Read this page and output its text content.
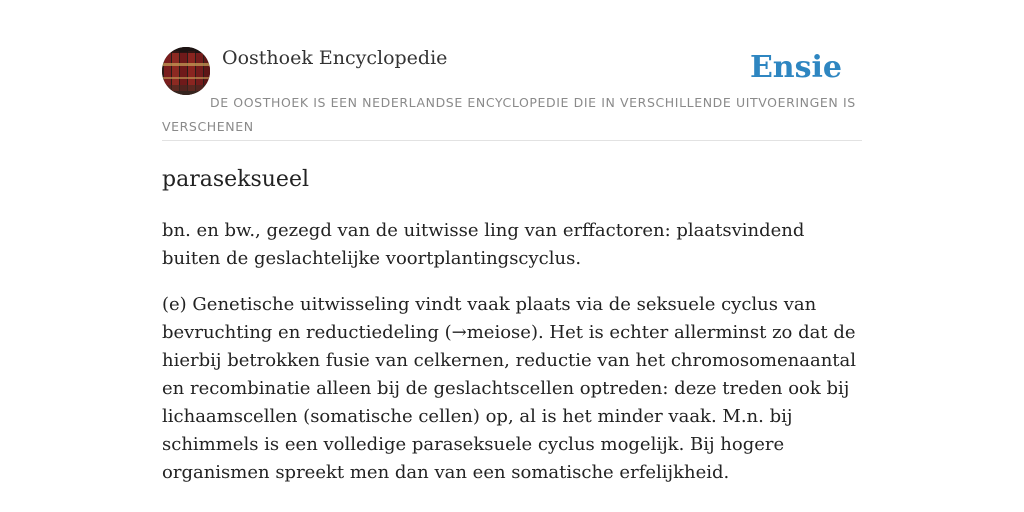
Oosthoek Encyclopedie	Ensie
DE OOSTHOEK IS EEN NEDERLANDSE ENCYCLOPEDIE DIE IN VERSCHILLENDE UITVOERINGEN IS VERSCHENEN
paraseksueel

bn. en bw., gezegd van de uitwisse ling van erffactoren: plaatsvindend buiten de geslachtelijke voortplantingscyclus.

(e) Genetische uitwisseling vindt vaak plaats via de seksuele cyclus van bevruchting en reductiedeling (→meiose). Het is echter allerminst zo dat de hierbij betrokken fusie van celkernen, reductie van het chromosomenaantal en recombinatie alleen bij de geslachtscellen optreden: deze treden ook bij lichaamscellen (somatische cellen) op, al is het minder vaak. M.n. bij schimmels is een volledige paraseksuele cyclus mogelijk. Bij hogere organismen spreekt men dan van een somatische erfelijkheid.
